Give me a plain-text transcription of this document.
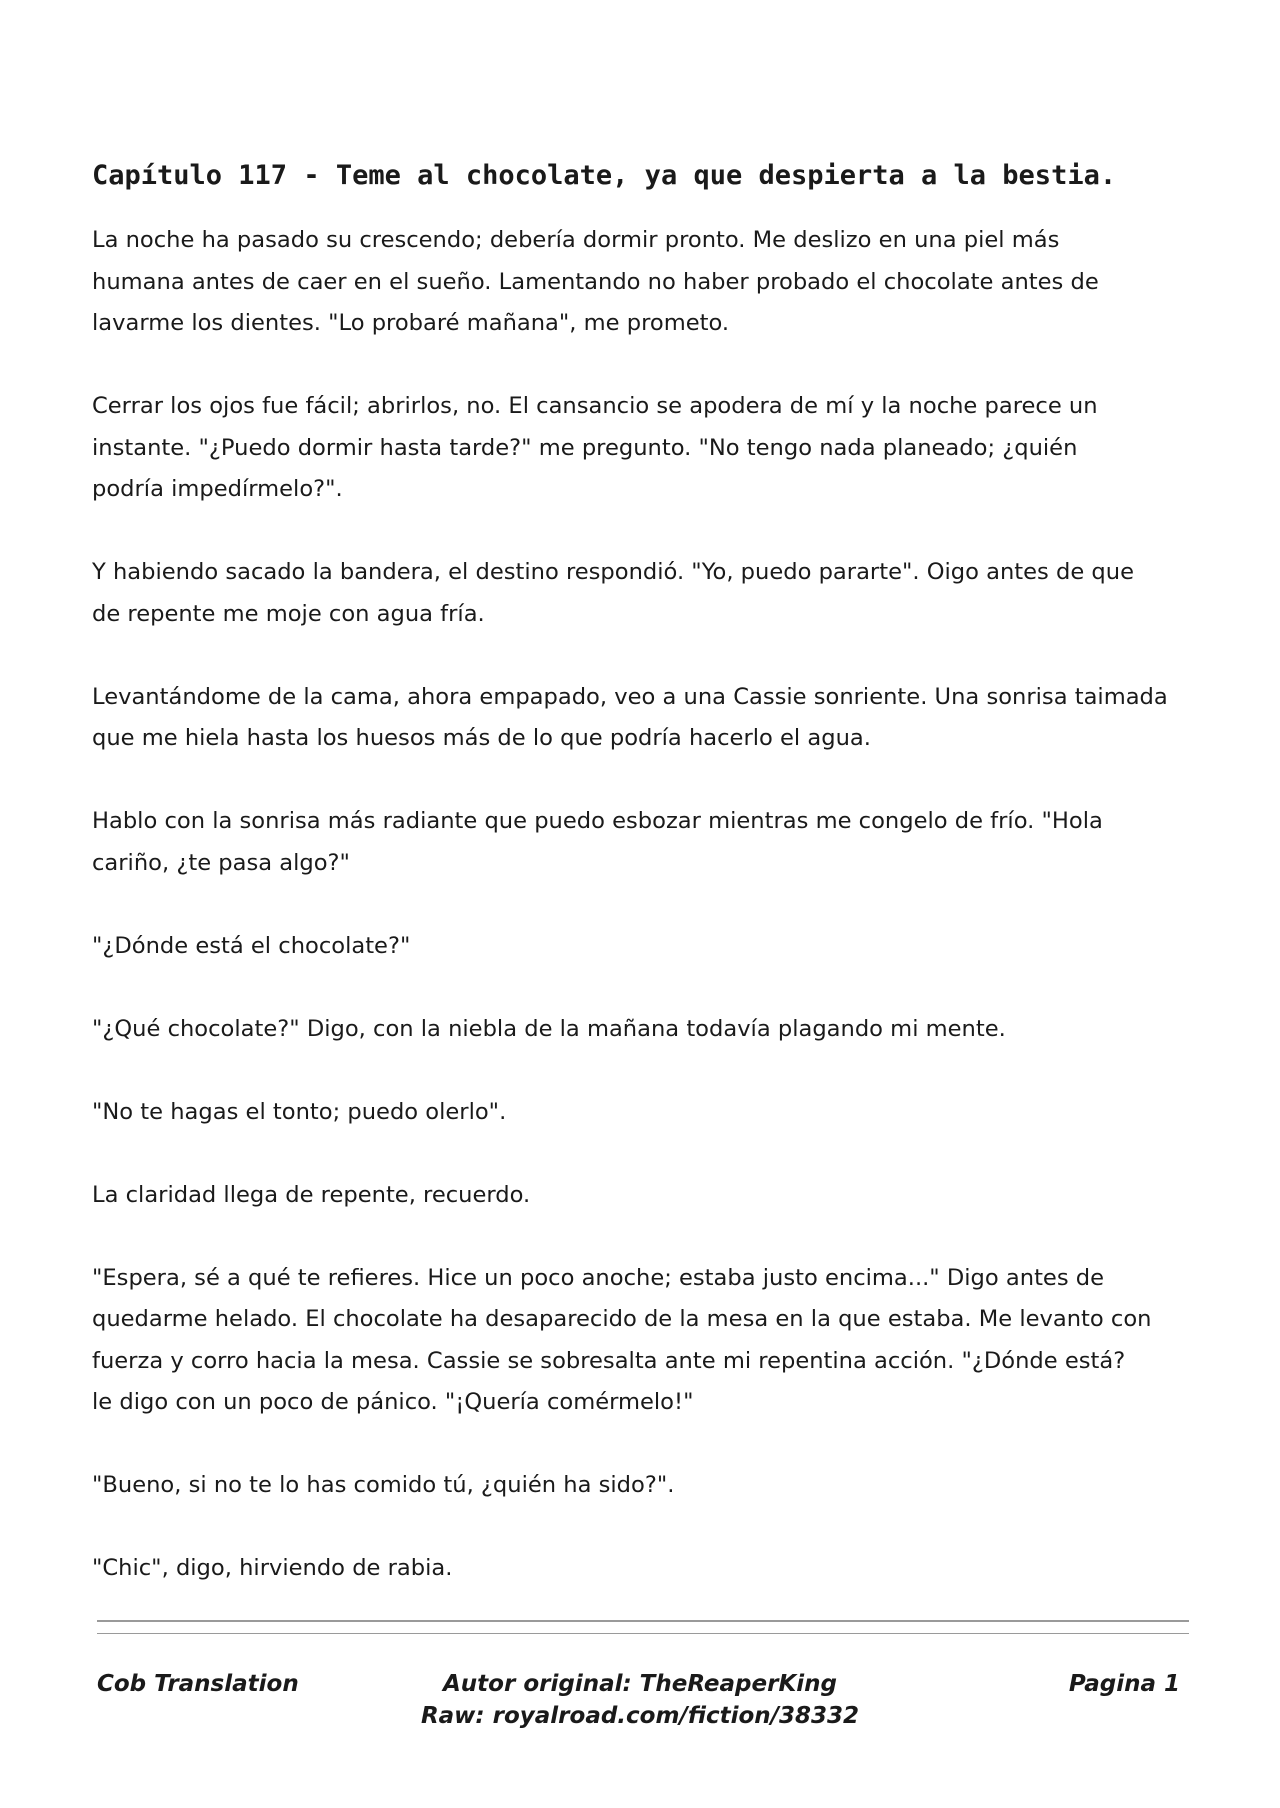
Capítulo 117 - Teme al chocolate, ya que despierta a la bestia.

La noche ha pasado su crescendo; debería dormir pronto. Me deslizo en una piel más
humana antes de caer en el sueño. Lamentando no haber probado el chocolate antes de
lavarme los dientes. "Lo probaré mañana", me prometo.

Cerrar los ojos fue fácil; abrirlos, no. El cansancio se apodera de mí y la noche parece un
instante. "¿Puedo dormir hasta tarde?" me pregunto. "No tengo nada planeado; ¿quién
podría impedírmelo?".

Y habiendo sacado la bandera, el destino respondió. "Yo, puedo pararte". Oigo antes de que
de repente me moje con agua fría.

Levantándome de la cama, ahora empapado, veo a una Cassie sonriente. Una sonrisa taimada
que me hiela hasta los huesos más de lo que podría hacerlo el agua.

Hablo con la sonrisa más radiante que puedo esbozar mientras me congelo de frío. "Hola
cariño, ¿te pasa algo?"

"¿Dónde está el chocolate?"

"¿Qué chocolate?" Digo, con la niebla de la mañana todavía plagando mi mente.

"No te hagas el tonto; puedo olerlo".

La claridad llega de repente, recuerdo.

"Espera, sé a qué te refieres. Hice un poco anoche; estaba justo encima..." Digo antes de
quedarme helado. El chocolate ha desaparecido de la mesa en la que estaba. Me levanto con
fuerza y corro hacia la mesa. Cassie se sobresalta ante mi repentina acción. "¿Dónde está?
le digo con un poco de pánico. "¡Quería comérmelo!"

"Bueno, si no te lo has comido tú, ¿quién ha sido?".

"Chic", digo, hirviendo de rabia.

Cob Translation	Autor original: TheReaperKing
Raw: royalroad.com/fiction/38332
Pagina 1
